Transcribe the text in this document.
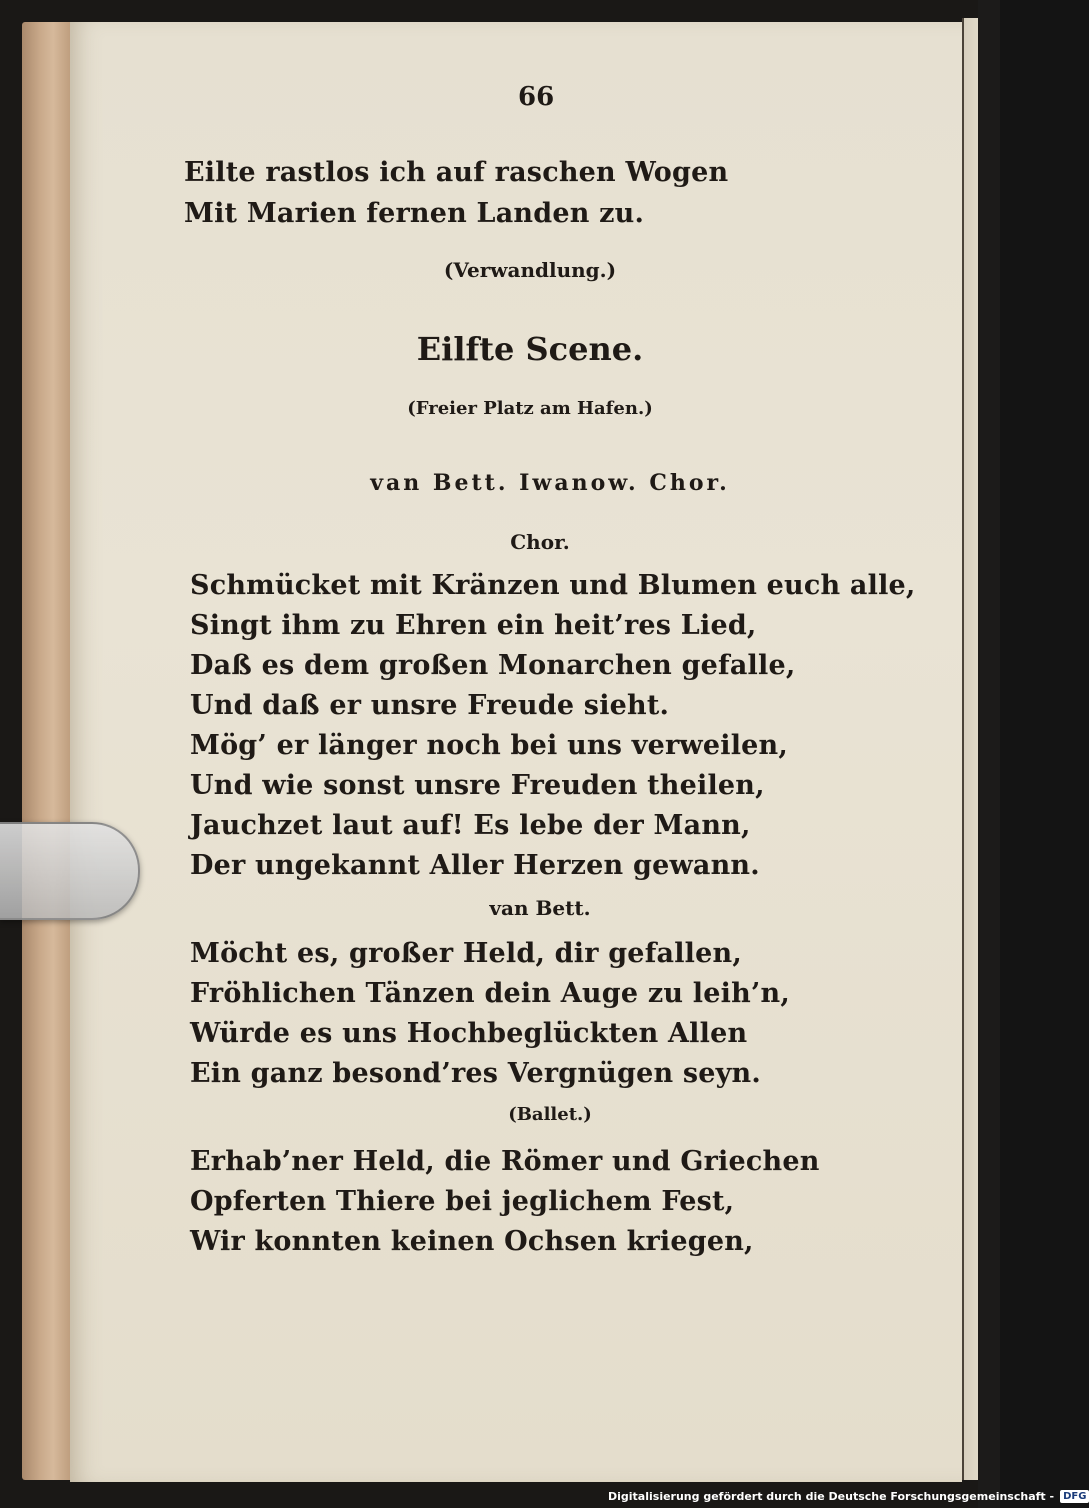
66
Eilte rastlos ich auf raschen Wogen
Mit Marien fernen Landen zu.
(Verwandlung.)
Eilfte Scene.
(Freier Platz am Hafen.)
van Bett. Iwanow. Chor.
Chor.
Schmücket mit Kränzen und Blumen euch alle,
Singt ihm zu Ehren ein heit’res Lied,
Daß es dem großen Monarchen gefalle,
Und daß er unsre Freude sieht.
Mög’ er länger noch bei uns verweilen,
Und wie sonst unsre Freuden theilen,
Jauchzet laut auf! Es lebe der Mann,
Der ungekannt Aller Herzen gewann.
van Bett.
Möcht es, großer Held, dir gefallen,
Fröhlichen Tänzen dein Auge zu leih’n,
Würde es uns Hochbeglückten Allen
Ein ganz besond’res Vergnügen seyn.
(Ballet.)
Erhab’ner Held, die Römer und Griechen
Opferten Thiere bei jeglichem Fest,
Wir konnten keinen Ochsen kriegen,
Digitalisierung gefördert durch die Deutsche Forschungsgemeinschaft - DFG
